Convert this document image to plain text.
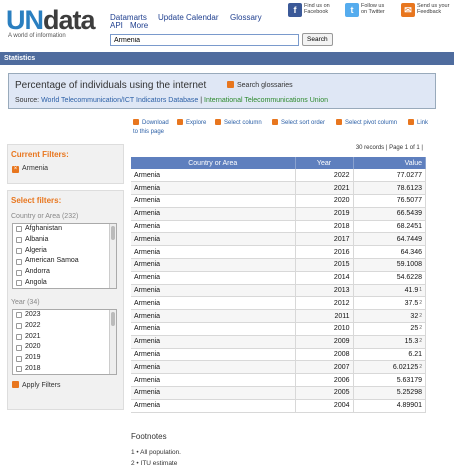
UNdata
A world of information
Datamarts
API More
Update Calendar Glossary
Armenia
Search
f	Find us on
Facebook	t	Follow us
on Twitter	✉ Send us your
Feedback
Statistics
Percentage of individuals using the internet	Search glossaries
Source: World Telecommunication/ICT Indicators Database | International Telecommunications Union
Download	Explore	Select column	Select sort order	Select pivot column	Link
to this page
Current Filters:
× Armenia
Select filters:
Country or Area (232)
Afghanistan
Albania
Algeria
American Samoa
Andorra
Angola
Year (34)
2023
2022
2021
2020
2019
2018
Apply Filters
30 records | Page 1 of 1 |
Country or Area	Year	Value
Armenia	2022	77.0277
Armenia	2021	78.6123
Armenia	2020	76.5077
Armenia	2019	66.5439
Armenia	2018	68.2451
Armenia	2017	64.7449
Armenia	2016	64.346
Armenia	2015	59.1008
Armenia	2014	54.6228
Armenia	2013	41.91
Armenia	2012	37.52
Armenia	2011	322
Armenia	2010	252
Armenia	2009	15.32
Armenia	2008	6.21
Armenia	2007	6.021252
Armenia	2006	5.63179
Armenia	2005	5.25298
Armenia	2004	4.89901
Footnotes
1 • All population.
2 • ITU estimate
